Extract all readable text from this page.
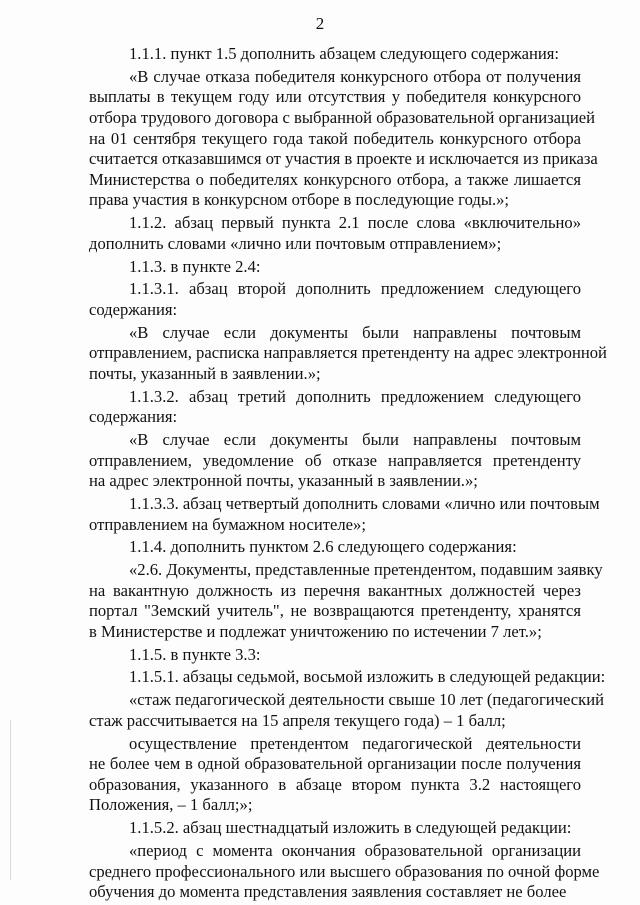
2
1.1.1. пункт 1.5 дополнить абзацем следующего содержания:
«В случае отказа победителя конкурсного отбора от получения
выплаты в текущем году или отсутствия у победителя конкурсного
отбора трудового договора с выбранной образовательной организацией
на 01 сентября текущего года такой победитель конкурсного отбора
считается отказавшимся от участия в проекте и исключается из приказа
Министерства о победителях конкурсного отбора, а также лишается
права участия в конкурсном отборе в последующие годы.»;
1.1.2. абзац первый пункта 2.1 после слова «включительно»
дополнить словами «лично или почтовым отправлением»;
1.1.3. в пункте 2.4:
1.1.3.1. абзац второй дополнить предложением следующего
содержания:
«В случае если документы были направлены почтовым
отправлением, расписка направляется претенденту на адрес электронной
почты, указанный в заявлении.»;
1.1.3.2. абзац третий дополнить предложением следующего
содержания:
«В случае если документы были направлены почтовым
отправлением, уведомление об отказе направляется претенденту
на адрес электронной почты, указанный в заявлении.»;
1.1.3.3. абзац четвертый дополнить словами «лично или почтовым
отправлением на бумажном носителе»;
1.1.4. дополнить пунктом 2.6 следующего содержания:
«2.6. Документы, представленные претендентом, подавшим заявку
на вакантную должность из перечня вакантных должностей через
портал "Земский учитель", не возвращаются претенденту, хранятся
в Министерстве и подлежат уничтожению по истечении 7 лет.»;
1.1.5. в пункте 3.3:
1.1.5.1. абзацы седьмой, восьмой изложить в следующей редакции:
«стаж педагогической деятельности свыше 10 лет (педагогический
стаж рассчитывается на 15 апреля текущего года) – 1 балл;
осуществление претендентом педагогической деятельности
не более чем в одной образовательной организации после получения
образования, указанного в абзаце втором пункта 3.2 настоящего
Положения, – 1 балл;»;
1.1.5.2. абзац шестнадцатый изложить в следующей редакции:
«период с момента окончания образовательной организации
среднего профессионального или высшего образования по очной форме
обучения до момента представления заявления составляет не более
